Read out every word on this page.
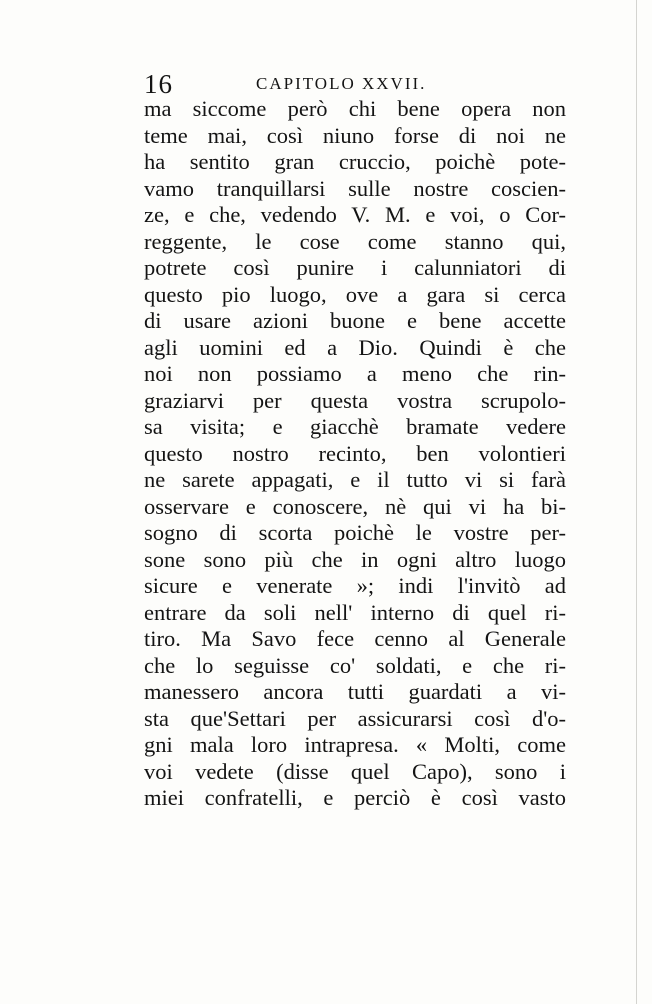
16	CAPITOLO XXVII.
ma siccome però chi bene opera non
teme mai, così niuno forse di noi ne
ha sentito gran cruccio, poichè pote-
vamo tranquillarsi sulle nostre coscien-
ze, e che, vedendo V. M. e voi, o Cor-
reggente, le cose come stanno qui,
potrete così punire i calunniatori di
questo pio luogo, ove a gara si cerca
di usare azioni buone e bene accette
agli uomini ed a Dio. Quindi è che
noi non possiamo a meno che rin-
graziarvi per questa vostra scrupolo-
sa visita; e giacchè bramate vedere
questo nostro recinto, ben volontieri
ne sarete appagati, e il tutto vi si farà
osservare e conoscere, nè qui vi ha bi-
sogno di scorta poichè le vostre per-
sone sono più che in ogni altro luogo
sicure e venerate »; indi l'invitò ad
entrare da soli nell' interno di quel ri-
tiro. Ma Savo fece cenno al Generale
che lo seguisse co' soldati, e che ri-
manessero ancora tutti guardati a vi-
sta que'Settari per assicurarsi così d'o-
gni mala loro intrapresa. « Molti, come
voi vedete (disse quel Capo), sono i
miei confratelli, e perciò è così vasto
